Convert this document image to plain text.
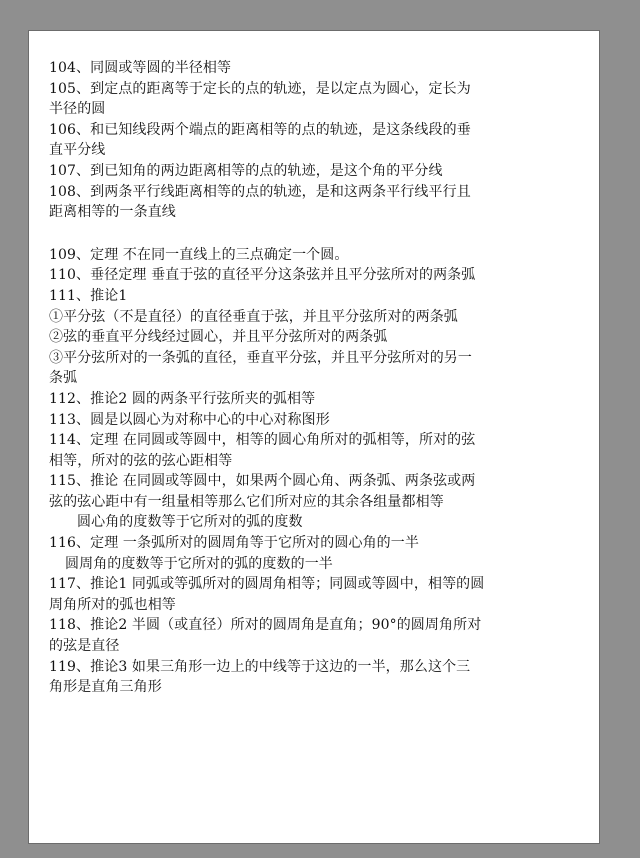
104、同圆或等圆的半径相等
105、到定点的距离等于定长的点的轨迹，是以定点为圆心，定长为
半径的圆
106、和已知线段两个端点的距离相等的点的轨迹，是这条线段的垂
直平分线
107、到已知角的两边距离相等的点的轨迹，是这个角的平分线
108、到两条平行线距离相等的点的轨迹，是和这两条平行线平行且
距离相等的一条直线
109、定理 不在同一直线上的三点确定一个圆。
110、垂径定理 垂直于弦的直径平分这条弦并且平分弦所对的两条弧
111、推论1
①平分弦（不是直径）的直径垂直于弦，并且平分弦所对的两条弧
②弦的垂直平分线经过圆心，并且平分弦所对的两条弧
③平分弦所对的一条弧的直径，垂直平分弦，并且平分弦所对的另一
条弧
112、推论2 圆的两条平行弦所夹的弧相等
113、圆是以圆心为对称中心的中心对称图形
114、定理 在同圆或等圆中，相等的圆心角所对的弧相等，所对的弦
相等，所对的弦的弦心距相等
115、推论 在同圆或等圆中，如果两个圆心角、两条弧、两条弦或两
弦的弦心距中有一组量相等那么它们所对应的其余各组量都相等
圆心角的度数等于它所对的弧的度数
116、定理 一条弧所对的圆周角等于它所对的圆心角的一半
圆周角的度数等于它所对的弧的度数的一半
117、推论1 同弧或等弧所对的圆周角相等；同圆或等圆中，相等的圆
周角所对的弧也相等
118、推论2 半圆（或直径）所对的圆周角是直角；90°的圆周角所对
的弦是直径
119、推论3 如果三角形一边上的中线等于这边的一半，那么这个三
角形是直角三角形
